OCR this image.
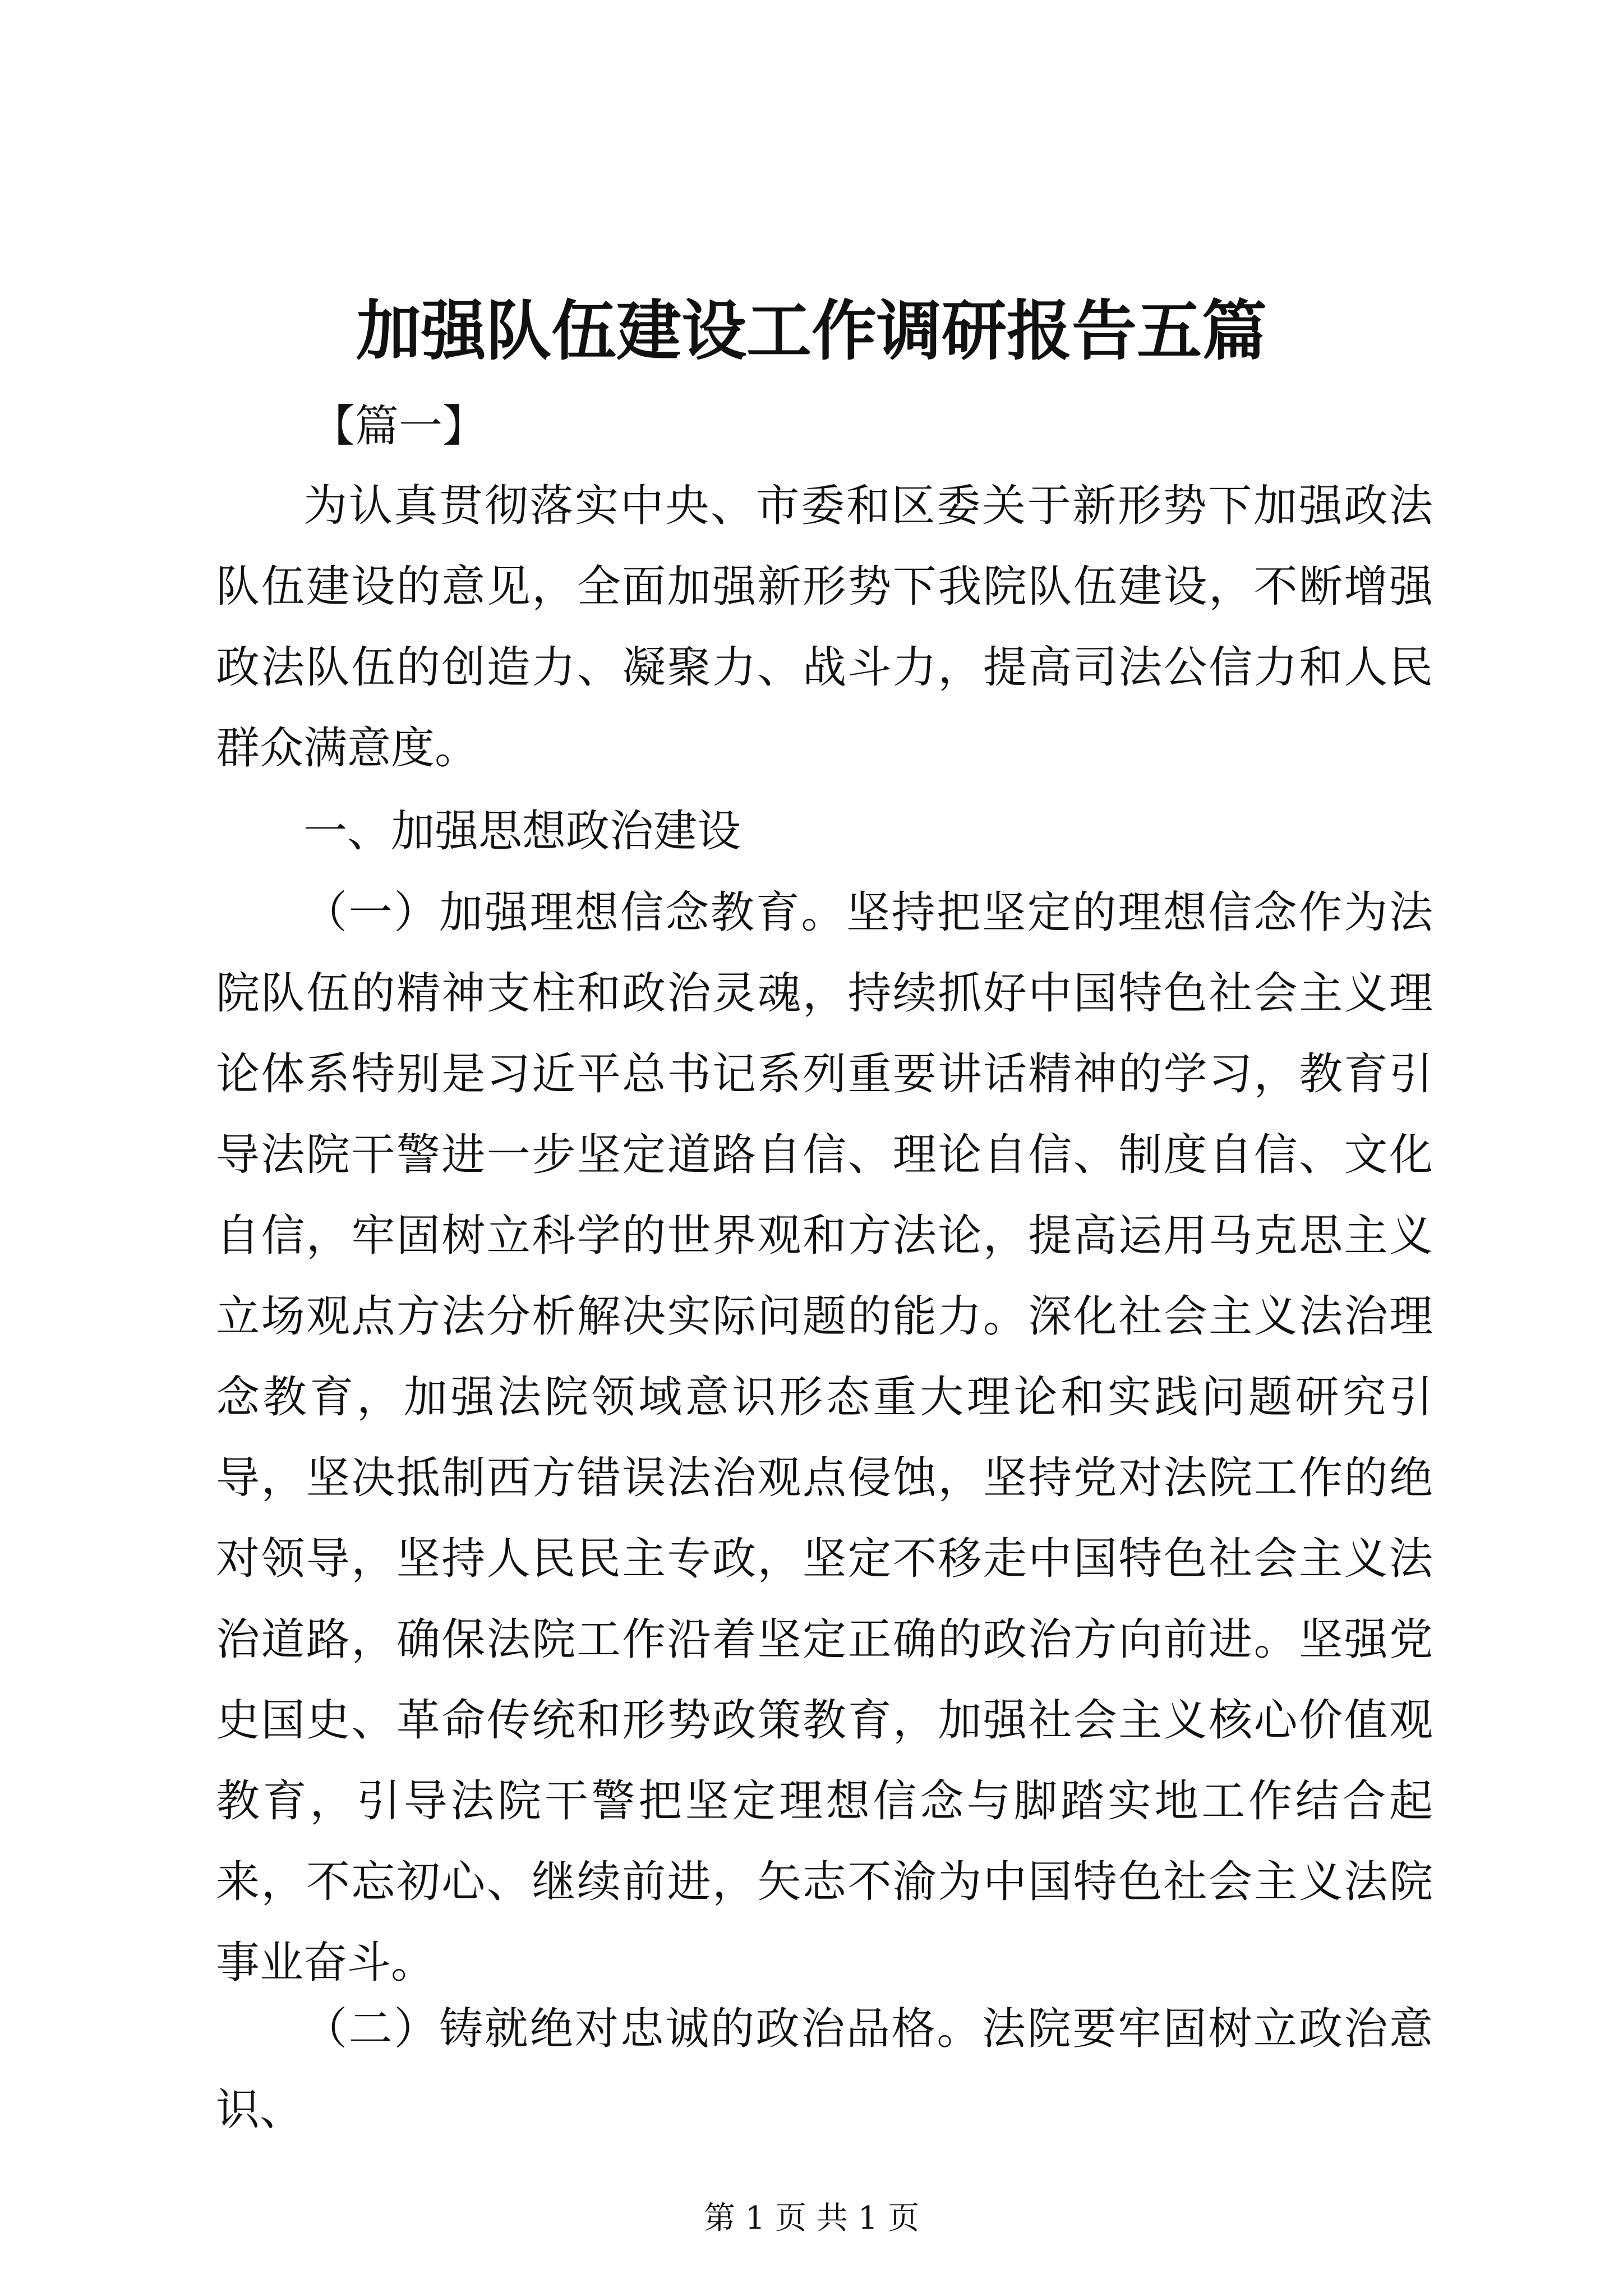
加强队伍建设工作调研报告五篇

【篇一】

为认真贯彻落实中央、市委和区委关于新形势下加强政法队伍建设的意见，全面加强新形势下我院队伍建设，不断增强政法队伍的创造力、凝聚力、战斗力，提高司法公信力和人民群众满意度。

一、加强思想政治建设

（一）加强理想信念教育。坚持把坚定的理想信念作为法院队伍的精神支柱和政治灵魂，持续抓好中国特色社会主义理论体系特别是习近平总书记系列重要讲话精神的学习，教育引导法院干警进一步坚定道路自信、理论自信、制度自信、文化自信，牢固树立科学的世界观和方法论，提高运用马克思主义立场观点方法分析解决实际问题的能力。深化社会主义法治理念教育，加强法院领域意识形态重大理论和实践问题研究引导，坚决抵制西方错误法治观点侵蚀，坚持党对法院工作的绝对领导，坚持人民民主专政，坚定不移走中国特色社会主义法治道路，确保法院工作沿着坚定正确的政治方向前进。坚强党史国史、革命传统和形势政策教育，加强社会主义核心价值观教育，引导法院干警把坚定理想信念与脚踏实地工作结合起来，不忘初心、继续前进，矢志不渝为中国特色社会主义法院事业奋斗。

（二）铸就绝对忠诚的政治品格。法院要牢固树立政治意识、

第 1 页 共 1 页
